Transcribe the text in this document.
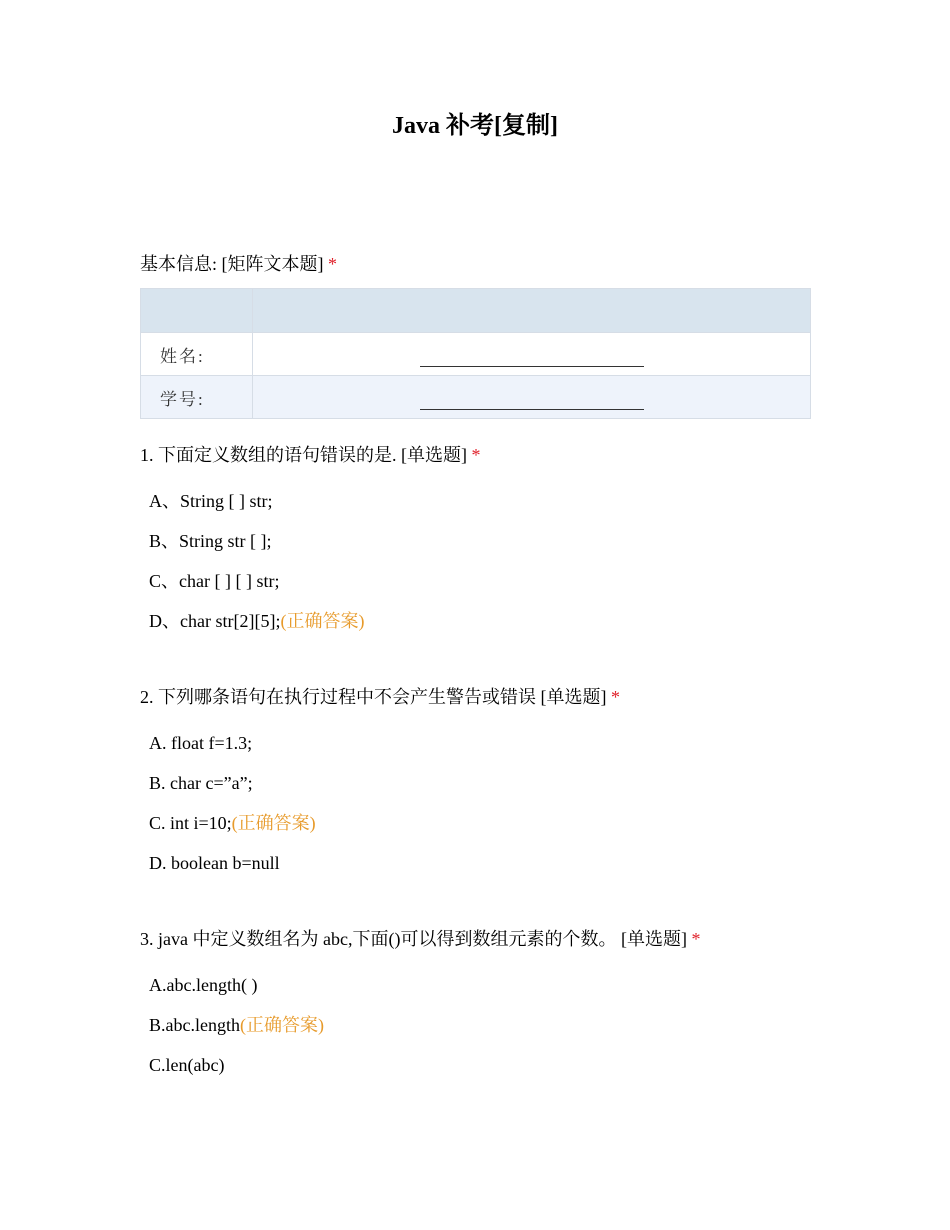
Java 补考[复制]
基本信息: [矩阵文本题] *

姓名:	
学号:	
1. 下面定义数组的语句错误的是. [单选题] *
A、String [ ] str;
B、String str [ ];
C、char [ ] [ ] str;
D、char str[2][5];(正确答案)
2. 下列哪条语句在执行过程中不会产生警告或错误 [单选题] *
A. float f=1.3;
B. char c=”a”;
C. int i=10;(正确答案)
D. boolean b=null
3. java 中定义数组名为 abc,下面()可以得到数组元素的个数。 [单选题] *
A.abc.length( )
B.abc.length(正确答案)
C.len(abc)
